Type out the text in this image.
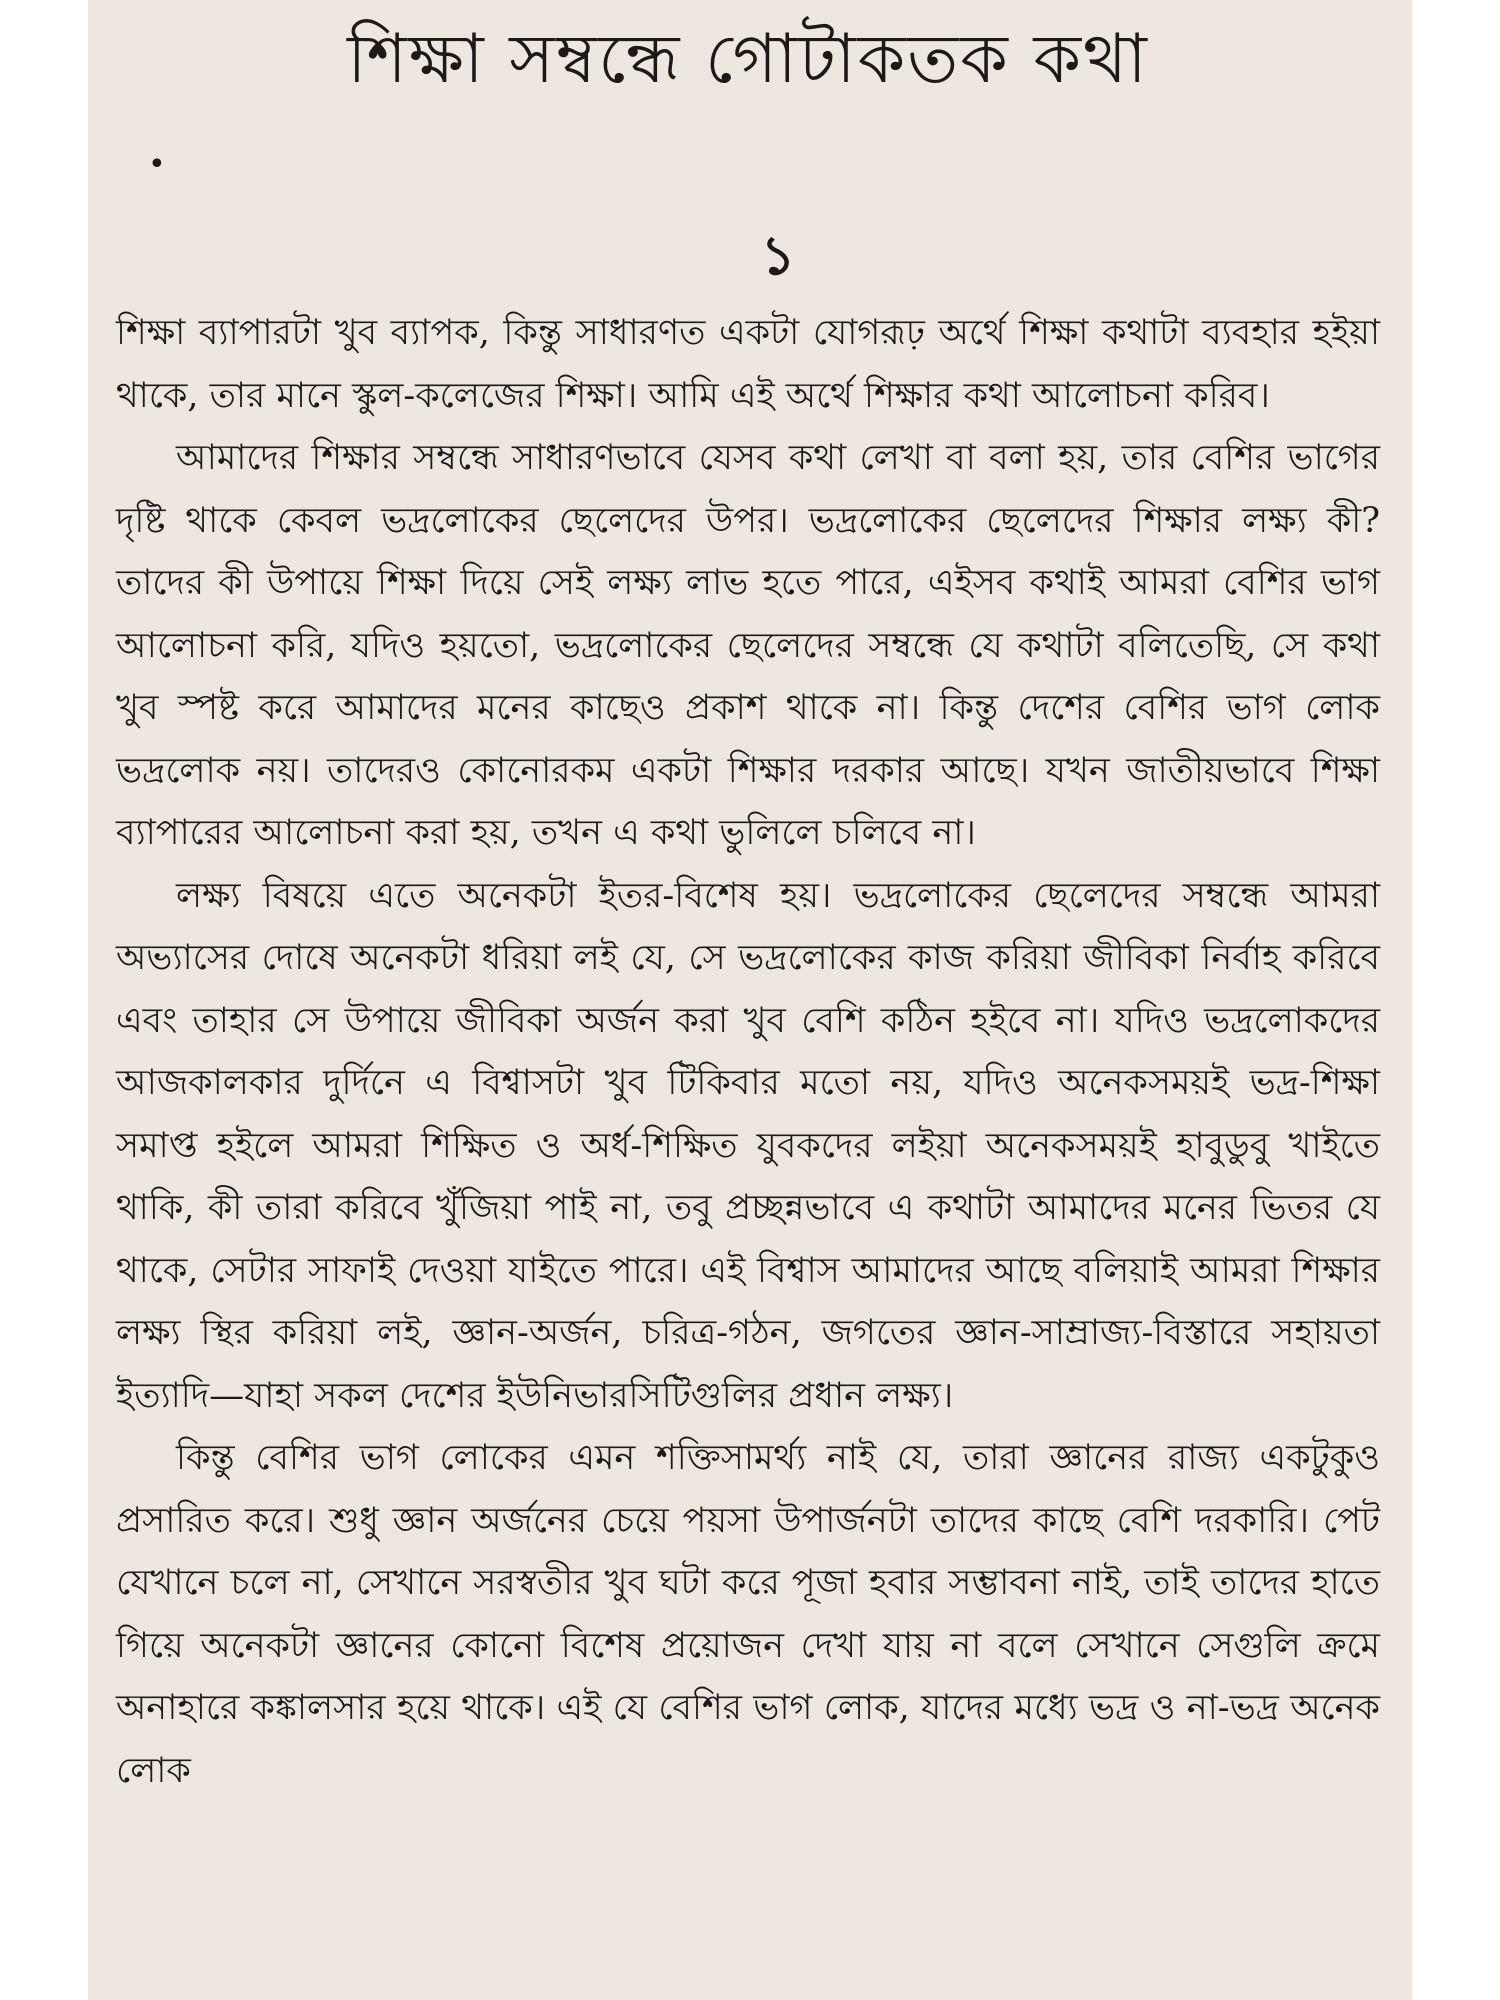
শিক্ষা সম্বন্ধে গোটাকতক কথা
•
১

শিক্ষা ব্যাপারটা খুব ব্যাপক, কিন্তু সাধারণত একটা যোগরূঢ় অর্থে শিক্ষা কথাটা ব্যবহার হইয়া থাকে, তার মানে স্কুল-কলেজের শিক্ষা। আমি এই অর্থে শিক্ষার কথা আলোচনা করিব।

আমাদের শিক্ষার সম্বন্ধে সাধারণভাবে যেসব কথা লেখা বা বলা হয়, তার বেশির ভাগের দৃষ্টি থাকে কেবল ভদ্রলোকের ছেলেদের উপর। ভদ্রলোকের ছেলেদের শিক্ষার লক্ষ্য কী? তাদের কী উপায়ে শিক্ষা দিয়ে সেই লক্ষ্য লাভ হতে পারে, এইসব কথাই আমরা বেশির ভাগ আলোচনা করি, যদিও হয়তো, ভদ্রলোকের ছেলেদের সম্বন্ধে যে কথাটা বলিতেছি, সে কথা খুব স্পষ্ট করে আমাদের মনের কাছেও প্রকাশ থাকে না। কিন্তু দেশের বেশির ভাগ লোক ভদ্রলোক নয়। তাদেরও কোনোরকম একটা শিক্ষার দরকার আছে। যখন জাতীয়ভাবে শিক্ষা ব্যাপারের আলোচনা করা হয়, তখন এ কথা ভুলিলে চলিবে না।

লক্ষ্য বিষয়ে এতে অনেকটা ইতর-বিশেষ হয়। ভদ্রলোকের ছেলেদের সম্বন্ধে আমরা অভ্যাসের দোষে অনেকটা ধরিয়া লই যে, সে ভদ্রলোকের কাজ করিয়া জীবিকা নির্বাহ করিবে এবং তাহার সে উপায়ে জীবিকা অর্জন করা খুব বেশি কঠিন হইবে না। যদিও ভদ্রলোকদের আজকালকার দুর্দিনে এ বিশ্বাসটা খুব টিকিবার মতো নয়, যদিও অনেকসময়ই ভদ্র-শিক্ষা সমাপ্ত হইলে আমরা শিক্ষিত ও অর্ধ-শিক্ষিত যুবকদের লইয়া অনেকসময়ই হাবুডুবু খাইতে থাকি, কী তারা করিবে খুঁজিয়া পাই না, তবু প্রচ্ছন্নভাবে এ কথাটা আমাদের মনের ভিতর যে থাকে, সেটার সাফাই দেওয়া যাইতে পারে। এই বিশ্বাস আমাদের আছে বলিয়াই আমরা শিক্ষার লক্ষ্য স্থির করিয়া লই, জ্ঞান-অর্জন, চরিত্র-গঠন, জগতের জ্ঞান-সাম্রাজ্য-বিস্তারে সহায়তা ইত্যাদি—যাহা সকল দেশের ইউনিভারসিটিগুলির প্রধান লক্ষ্য।

কিন্তু বেশির ভাগ লোকের এমন শক্তিসামর্থ্য নাই যে, তারা জ্ঞানের রাজ্য একটুকুও প্রসারিত করে। শুধু জ্ঞান অর্জনের চেয়ে পয়সা উপার্জনটা তাদের কাছে বেশি দরকারি। পেট যেখানে চলে না, সেখানে সরস্বতীর খুব ঘটা করে পূজা হবার সম্ভাবনা নাই, তাই তাদের হাতে গিয়ে অনেকটা জ্ঞানের কোনো বিশেষ প্রয়োজন দেখা যায় না বলে সেখানে সেগুলি ক্রমে অনাহারে কঙ্কালসার হয়ে থাকে। এই যে বেশির ভাগ লোক, যাদের মধ্যে ভদ্র ও না-ভদ্র অনেক লোক
